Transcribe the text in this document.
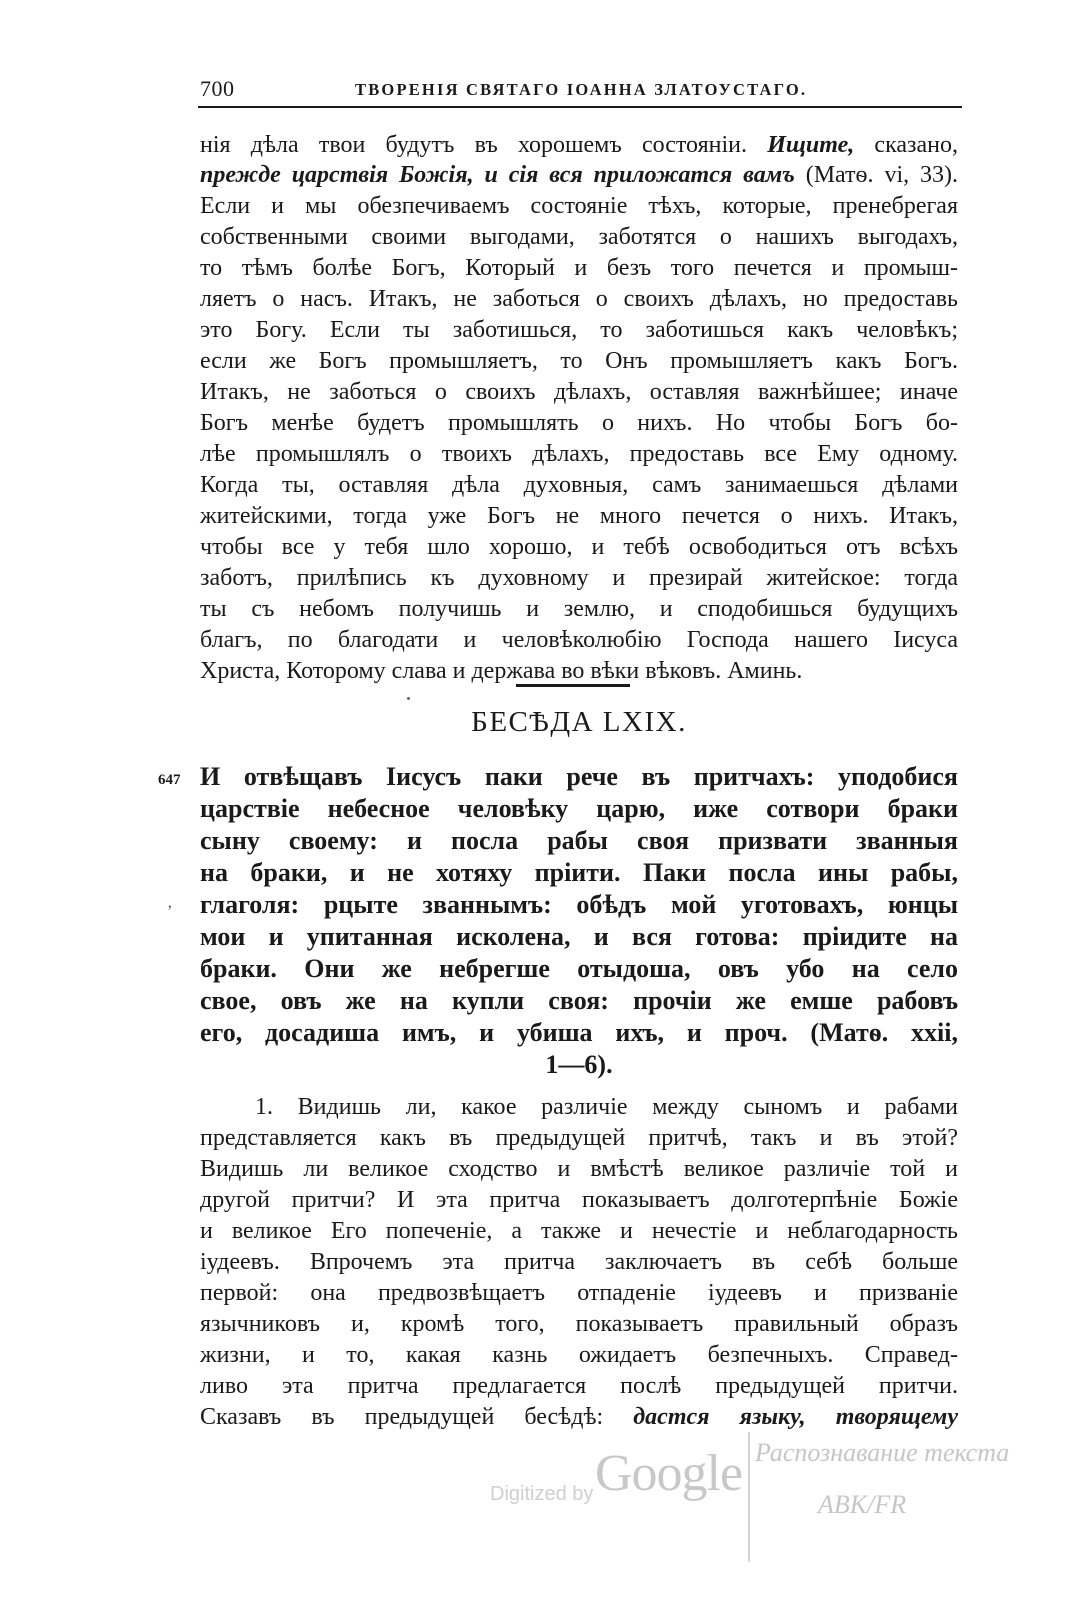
700	ТВОРЕНІЯ СВЯТАГО ІОАННА ЗЛАТОУСТАГО.
нія дѣла твои будутъ въ хорошемъ состояніи. Ищите, сказано,
прежде царствія Божія, и сія вся приложатся вамъ (Матѳ. vi, 33).
Если и мы обезпечиваемъ состояніе тѣхъ, которые, пренебрегая
собственными своими выгодами, заботятся о нашихъ выгодахъ,
то тѣмъ болѣе Богъ, Который и безъ того печется и промыш-
ляетъ о насъ. Итакъ, не заботься о своихъ дѣлахъ, но предоставь
это Богу. Если ты заботишься, то заботишься какъ человѣкъ;
если же Богъ промышляетъ, то Онъ промышляетъ какъ Богъ.
Итакъ, не заботься о своихъ дѣлахъ, оставляя важнѣйшее; иначе
Богъ менѣе будетъ промышлять о нихъ. Но чтобы Богъ бо-
лѣе промышлялъ о твоихъ дѣлахъ, предоставь все Ему одному.
Когда ты, оставляя дѣла духовныя, самъ занимаешься дѣлами
житейскими, тогда уже Богъ не много печется о нихъ. Итакъ,
чтобы все у тебя шло хорошо, и тебѣ освободиться отъ всѣхъ
заботъ, прилѣпись къ духовному и презирай житейское: тогда
ты съ небомъ получишь и землю, и сподобишься будущихъ
благъ, по благодати и человѣколюбію Господа нашего Іисуса
Христа, Которому слава и держава во вѣки вѣковъ. Аминь.
БЕСѢДА LXIX.
647
‚
И отвѣщавъ Іисусъ паки рече въ притчахъ: уподобися
царствіе небесное человѣку царю, иже сотвори браки
сыну своему: и посла рабы своя призвати званныя
на браки, и не хотяху пріити. Паки посла ины рабы,
глаголя: рцыте званнымъ: обѣдъ мой уготовахъ, юнцы
мои и упитанная исколена, и вся готова: пріидите на
браки. Они же небрегше отыдоша, овъ убо на село
свое, овъ же на купли своя: прочіи же емше рабовъ
его, досадиша имъ, и убиша ихъ, и проч. (Матѳ. xxii,
1—6).
1. Видишь ли, какое различіе между сыномъ и рабами
представляется какъ въ предыдущей притчѣ, такъ и въ этой?
Видишь ли великое сходство и вмѣстѣ великое различіе той и
другой притчи? И эта притча показываетъ долготерпѣніе Божіе
и великое Его попеченіе, а также и нечестіе и неблагодарность
іудеевъ. Впрочемъ эта притча заключаетъ въ себѣ больше
первой: она предвозвѣщаетъ отпаденіе іудеевъ и призваніе
язычниковъ и, кромѣ того, показываетъ правильный образъ
жизни, и то, какая казнь ожидаетъ безпечныхъ. Справед-
ливо эта притча предлагается послѣ предыдущей притчи.
Сказавъ въ предыдущей бесѣдѣ: дастся языку, творящему
Digitized by Google Распознавание текста
ABK/FR
